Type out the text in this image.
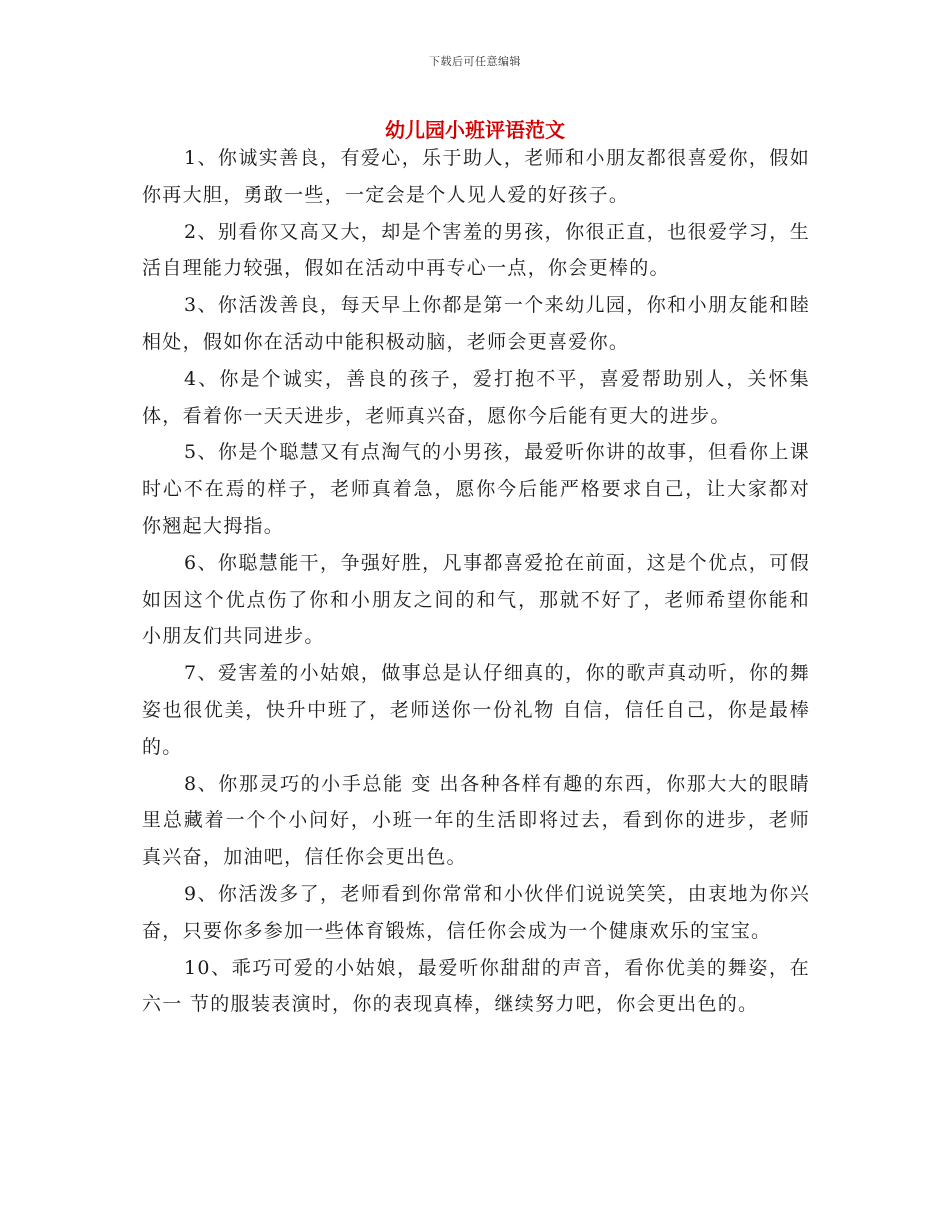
下载后可任意编辑
幼儿园小班评语范文

1、你诚实善良，有爱心，乐于助人，老师和小朋友都很喜爱你，假如你再大胆，勇敢一些，一定会是个人见人爱的好孩子。

2、别看你又高又大，却是个害羞的男孩，你很正直，也很爱学习，生活自理能力较强，假如在活动中再专心一点，你会更棒的。

3、你活泼善良，每天早上你都是第一个来幼儿园，你和小朋友能和睦相处，假如你在活动中能积极动脑，老师会更喜爱你。

4、你是个诚实，善良的孩子，爱打抱不平，喜爱帮助别人，关怀集体，看着你一天天进步，老师真兴奋，愿你今后能有更大的进步。

5、你是个聪慧又有点淘气的小男孩，最爱听你讲的故事，但看你上课时心不在焉的样子，老师真着急，愿你今后能严格要求自己，让大家都对你翘起大拇指。

6、你聪慧能干，争强好胜，凡事都喜爱抢在前面，这是个优点，可假如因这个优点伤了你和小朋友之间的和气，那就不好了，老师希望你能和小朋友们共同进步。

7、爱害羞的小姑娘，做事总是认仔细真的，你的歌声真动听，你的舞姿也很优美，快升中班了，老师送你一份礼物 自信，信任自己，你是最棒的。

8、你那灵巧的小手总能 变 出各种各样有趣的东西，你那大大的眼睛里总藏着一个个小问好，小班一年的生活即将过去，看到你的进步，老师真兴奋，加油吧，信任你会更出色。

9、你活泼多了，老师看到你常常和小伙伴们说说笑笑，由衷地为你兴奋，只要你多参加一些体育锻炼，信任你会成为一个健康欢乐的宝宝。

10、乖巧可爱的小姑娘，最爱听你甜甜的声音，看你优美的舞姿，在 六一 节的服装表演时，你的表现真棒，继续努力吧，你会更出色的。
